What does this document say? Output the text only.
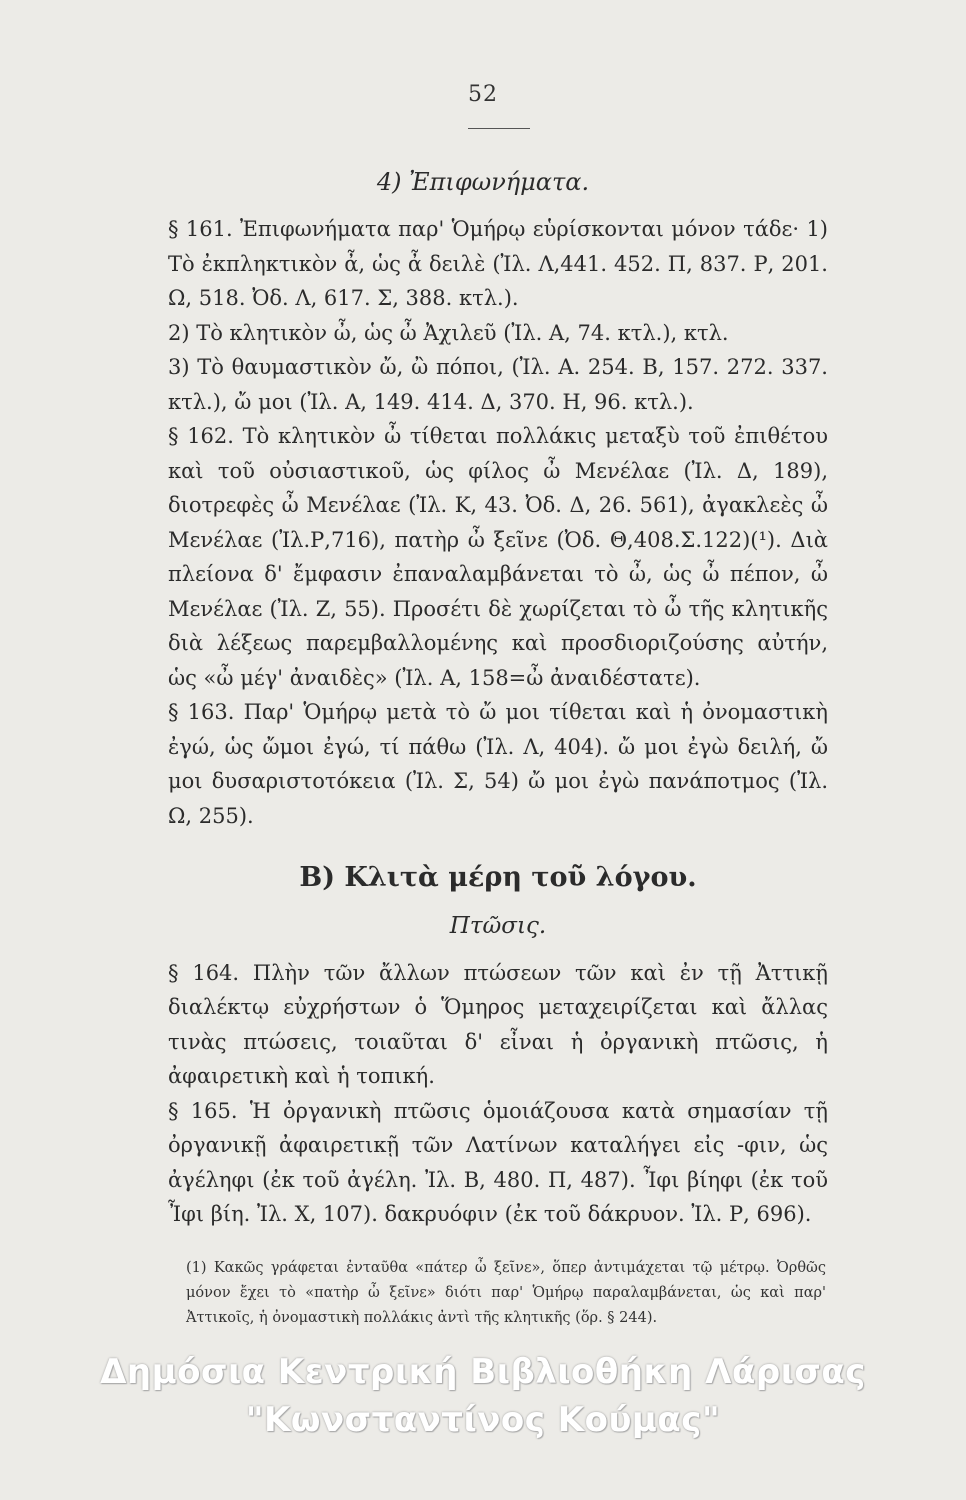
52
4) Ἐπιφωνήματα.

§ 161. Ἐπιφωνήματα παρ' Ὁμήρῳ εὑρίσκονται μόνον τάδε· 1) Τὸ ἐκπληκτικὸν ἆ, ὡς ἆ δειλὲ (Ἰλ. Λ,441. 452. Π, 837. Ρ, 201. Ω, 518. Ὀδ. Λ, 617. Σ, 388. κτλ.).

2) Τὸ κλητικὸν ὦ, ὡς ὦ Ἀχιλεῦ (Ἰλ. Α, 74. κτλ.), κτλ.

3) Τὸ θαυμαστικὸν ὤ, ὢ πόποι, (Ἰλ. Α. 254. Β, 157. 272. 337. κτλ.), ὤ μοι (Ἰλ. Α, 149. 414. Δ, 370. Η, 96. κτλ.).

§ 162. Τὸ κλητικὸν ὦ τίθεται πολλάκις μεταξὺ τοῦ ἐπιθέτου καὶ τοῦ οὐσιαστικοῦ, ὡς φίλος ὦ Μενέλαε (Ἰλ. Δ, 189), διοτρεφὲς ὦ Μενέλαε (Ἰλ. Κ, 43. Ὀδ. Δ, 26. 561), ἀγακλεὲς ὦ Μενέλαε (Ἰλ.Ρ,716), πατὴρ ὦ ξεῖνε (Ὀδ. Θ,408.Σ.122)(¹). Διὰ πλείονα δ' ἔμφασιν ἐπαναλαμβάνεται τὸ ὦ, ὡς ὦ πέπον, ὦ Μενέλαε (Ἰλ. Ζ, 55). Προσέτι δὲ χωρίζεται τὸ ὦ τῆς κλητικῆς διὰ λέξεως παρεμβαλλομένης καὶ προσδιοριζούσης αὐτήν, ὡς «ὦ μέγ' ἀναιδὲς» (Ἰλ. Α, 158=ὦ ἀναιδέστατε).

§ 163. Παρ' Ὁμήρῳ μετὰ τὸ ὤ μοι τίθεται καὶ ἡ ὀνομαστικὴ ἐγώ, ὡς ὤμοι ἐγώ, τί πάθω (Ἰλ. Λ, 404). ὤ μοι ἐγὼ δειλή, ὤ μοι δυσαριστοτόκεια (Ἰλ. Σ, 54) ὤ μοι ἐγὼ πανάποτμος (Ἰλ. Ω, 255).

Β) Κλιτὰ μέρη τοῦ λόγου.
Πτῶσις.

§ 164. Πλὴν τῶν ἄλλων πτώσεων τῶν καὶ ἐν τῇ Ἀττικῇ διαλέκτῳ εὐχρήστων ὁ Ὅμηρος μεταχειρίζεται καὶ ἄλλας τινὰς πτώσεις, τοιαῦται δ' εἶναι ἡ ὀργανικὴ πτῶσις, ἡ ἀφαιρετικὴ καὶ ἡ τοπική.

§ 165. Ἡ ὀργανικὴ πτῶσις ὁμοιάζουσα κατὰ σημασίαν τῇ ὀργανικῇ ἀφαιρετικῇ τῶν Λατίνων καταλήγει εἰς -φιν, ὡς ἀγέληφι (ἐκ τοῦ ἀγέλη. Ἰλ. Β, 480. Π, 487). Ἶφι βίηφι (ἐκ τοῦ Ἶφι βίη. Ἰλ. Χ, 107). δακρυόφιν (ἐκ τοῦ δάκρυον. Ἰλ. Ρ, 696).

(1) Κακῶς γράφεται ἐνταῦθα «πάτερ ὦ ξεῖνε», ὅπερ ἀντιμάχεται τῷ μέτρῳ. Ὀρθῶς μόνον ἔχει τὸ «πατὴρ ὦ ξεῖνε» διότι παρ' Ὁμήρῳ παραλαμβάνεται, ὡς καὶ παρ' Ἀττικοῖς, ἡ ὀνομαστικὴ πολλάκις ἀντὶ τῆς κλητικῆς (ὅρ. § 244).
Δημόσια Κεντρική Βιβλιοθήκη Λάρισας
"Κωνσταντίνος Κούμας"
